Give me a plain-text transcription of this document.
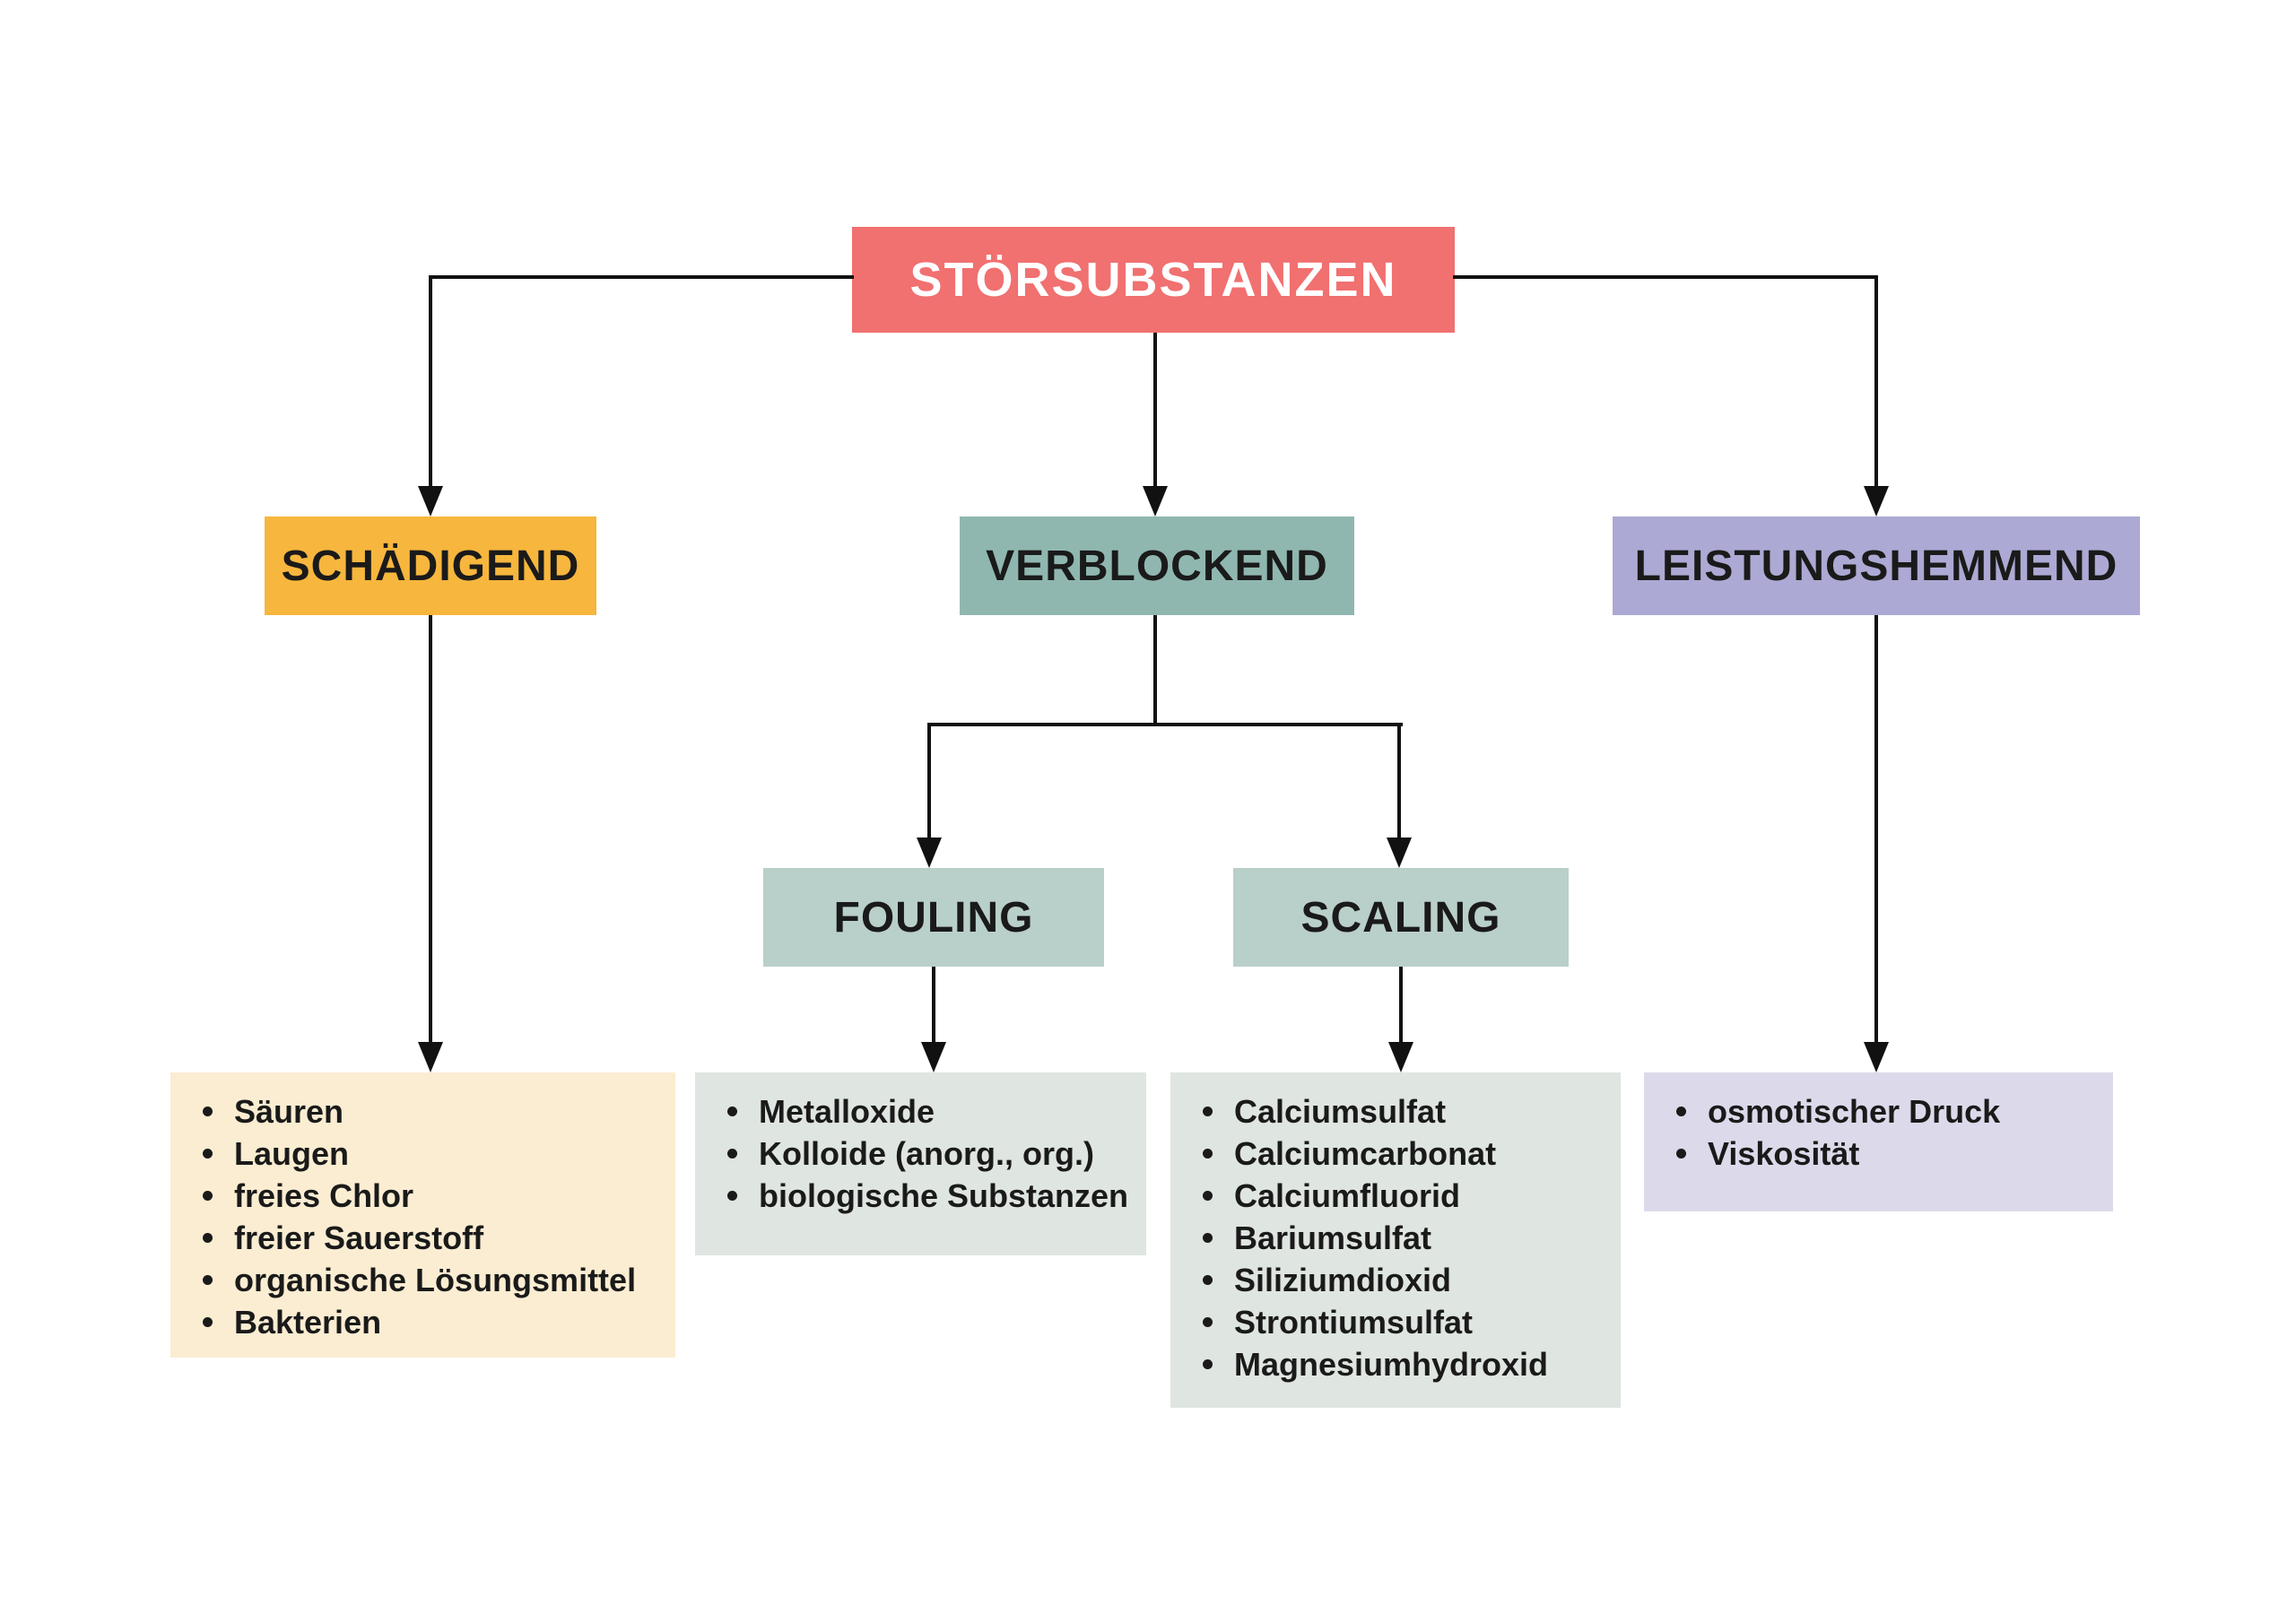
STÖRSUBSTANZEN
SCHÄDIGEND	VERBLOCKEND	LEISTUNGSHEMMEND
FOULING	SCALING
Säuren
Laugen
freies Chlor
freier Sauerstoff
organische Lösungsmittel
Bakterien
Metalloxide
Kolloide (anorg., org.)
biologische Substanzen
Calciumsulfat
Calciumcarbonat
Calciumfluorid
Bariumsulfat
Siliziumdioxid
Strontiumsulfat
Magnesiumhydroxid
osmotischer Druck
Viskosität
